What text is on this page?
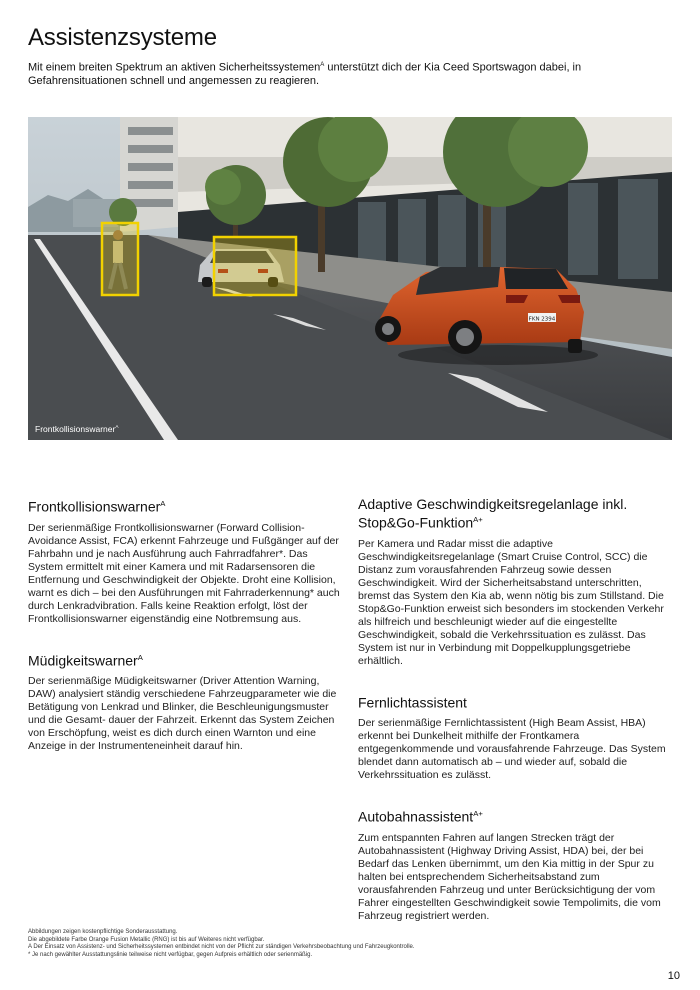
Assistenzsysteme

Mit einem breiten Spektrum an aktiven Sicherheitssystemen$^A$ unterstützt dich der Kia Ceed Sportswagon dabei, in Gefahrensituationen schnell und angemessen zu reagieren.

FKN 2394
Frontkollisionswarner$^A$
Frontkollisionswarner$^A$

Der serienmäßige Frontkollisionswarner (Forward Collision-Avoidance Assist, FCA) erkennt Fahrzeuge und Fußgänger auf der Fahrbahn und je nach Ausführung auch Fahrradfahrer*. Das System ermittelt mit einer Kamera und mit Radarsensoren die Entfernung und Geschwindigkeit der Objekte. Droht eine Kollision, warnt es dich – bei den Ausführungen mit Fahrraderkennung* auch durch Lenkradvibration. Falls keine Reaktion erfolgt, löst der Frontkollisionswarner eigenständig eine Notbremsung aus.

Müdigkeitswarner$^A$

Der serienmäßige Müdigkeitswarner (Driver Attention Warning, DAW) analysiert ständig verschiedene Fahrzeugparameter wie die Betätigung von Lenkrad und Blinker, die Beschleunigungsmuster und die Gesamt- dauer der Fahrzeit. Erkennt das System Zeichen von Erschöpfung, weist es dich durch einen Warnton und eine Anzeige in der Instrumenteneinheit darauf hin.

Adaptive Geschwindigkeitsregelanlage inkl. Stop&Go-Funktion$^{A+}$

Per Kamera und Radar misst die adaptive Geschwindigkeitsregelanlage (Smart Cruise Control, SCC) die Distanz zum vorausfahrenden Fahrzeug sowie dessen Geschwindigkeit. Wird der Sicherheitsabstand unterschritten, bremst das System den Kia ab, wenn nötig bis zum Stillstand. Die Stop&Go-Funktion erweist sich besonders im stockenden Verkehr als hilfreich und beschleunigt wieder auf die eingestellte Geschwindigkeit, sobald die Verkehrssituation es zulässt. Das System ist nur in Verbindung mit Doppelkupplungsgetriebe erhältlich.

Fernlichtassistent

Der serienmäßige Fernlichtassistent (High Beam Assist, HBA) erkennt bei Dunkelheit mithilfe der Frontkamera entgegenkommende und vorausfahrende Fahrzeuge. Das System blendet dann automatisch ab – und wieder auf, sobald die Verkehrssituation es zulässt.

Autobahnassistent$^{A+}$

Zum entspannten Fahren auf langen Strecken trägt der Autobahnassistent (Highway Driving Assist, HDA) bei, der bei Bedarf das Lenken übernimmt, um den Kia mittig in der Spur zu halten bei entsprechendem Sicherheitsabstand zum vorausfahrenden Fahrzeug und unter Berücksichtigung der vom Fahrer eingestellten Geschwindigkeit sowie Tempolimits, die vom Fahrzeug registriert werden.

Abbildungen zeigen kostenpflichtige Sonderausstattung.
Die abgebildete Farbe Orange Fusion Metallic (RNG) ist bis auf Weiteres nicht verfügbar.
A Der Einsatz von Assistenz- und Sicherheitssystemen entbindet nicht von der Pflicht zur ständigen Verkehrsbeobachtung und Fahrzeugkontrolle.
* Je nach gewählter Ausstattungslinie teilweise nicht verfügbar, gegen Aufpreis erhältlich oder serienmäßig.
10
